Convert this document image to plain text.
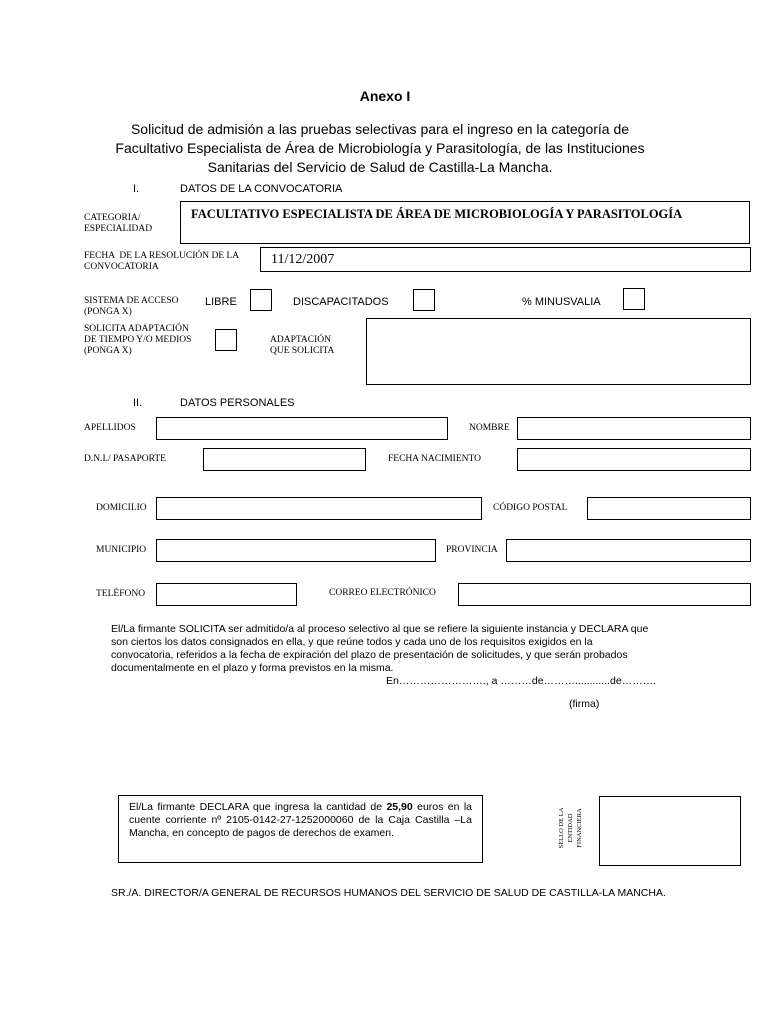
Anexo I
Solicitud de admisión a las pruebas selectivas para el ingreso en la categoría de Facultativo Especialista de Área de Microbiología y Parasitología, de las Instituciones Sanitarias del Servicio de Salud de Castilla-La Mancha.
I.	DATOS DE LA CONVOCATORIA
CATEGORIA/
ESPECIALIDAD
FACULTATIVO ESPECIALISTA DE ÁREA DE MICROBIOLOGÍA Y PARASITOLOGÍA
FECHA  DE LA RESOLUCIÓN DE LA
CONVOCATORIA	11/12/2007
SISTEMA DE ACCESO
(PONGA X)
LIBRE	DISCAPACITADOS	% MINUSVALIA
SOLICITA ADAPTACIÓN
DE TIEMPO Y/O MEDIOS
(PONGA X)
ADAPTACIÓN
QUE SOLICITA
II.	DATOS PERSONALES
APELLIDOS	NOMBRE
D.N.I./ PASAPORTE	FECHA NACIMIENTO
DOMICILIO	CÓDIGO POSTAL
MUNICIPIO	PROVINCIA
TELÉFONO	CORREO ELECTRÓNICO
El/La firmante SOLICITA ser admitido/a al proceso selectivo al que se refiere la siguiente instancia y DECLARA que son ciertos los datos consignados en ella, y que reúne todos y cada uno de los requisitos exigidos en la convocatoria, referidos a la fecha de expiración del plazo de presentación de solicitudes, y que serán probados documentalmente en el plazo y forma previstos en la misma.
En……………………., a ………de………............de……….
(firma)
El/La firmante DECLARA que ingresa la cantidad de 25,90 euros en la cuente corriente nº 2105-0142-27-1252000060 de la Caja Castilla –La Mancha, en concepto de pagos de derechos de examen.	SELLO DE LA
ENTIDAD
FINANCIERA
SR./A. DIRECTOR/A GENERAL DE RECURSOS HUMANOS DEL SERVICIO DE SALUD DE CASTILLA-LA MANCHA.
